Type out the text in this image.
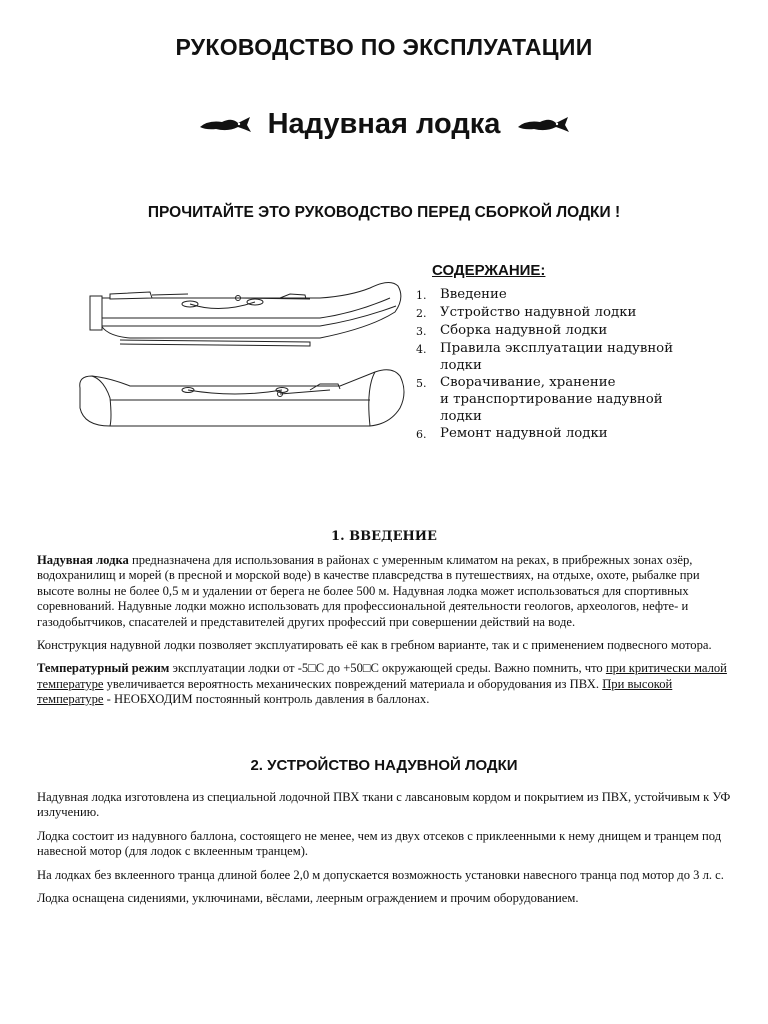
РУКОВОДСТВО ПО ЭКСПЛУАТАЦИИ
Надувная лодка

ПРОЧИТАЙТЕ ЭТО РУКОВОДСТВО ПЕРЕД СБОРКОЙ ЛОДКИ !

СОДЕРЖАНИЕ:
1.	Введение
2.	Устройство надувной лодки
3.	Сборка надувной лодки
4.	Правила эксплуатации надувной
лодки
5.	Сворачивание, хранение
и транспортирование надувной
лодки
6.	Ремонт надувной лодки
1. ВВЕДЕНИЕ

Надувная лодка предназначена для использования в районах с умеренным климатом на реках, в прибрежных зонах озёр, водохранилищ и морей (в пресной и морской воде) в качестве плавсредства в путешествиях, на отдыхе, охоте, рыбалке при высоте волны не более 0,5 м и удалении от берега не более 500 м. Надувная лодка может использоваться для спортивных соревнований. Надувные лодки можно использовать для профессиональной деятельности геологов, археологов, нефте- и газодобытчиков, спасателей и представителей других профессий при совершении действий на воде.

Конструкция надувной лодки позволяет эксплуатировать её как в гребном варианте, так и с применением подвесного мотора.

Температурный режим эксплуатации лодки от -5□С до +50□С окружающей среды. Важно помнить, что при критически малой температуре увеличивается вероятность механических повреждений материала и оборудования из ПВХ. При высокой температуре - НЕОБХОДИМ постоянный контроль давления в баллонах.

2. УСТРОЙСТВО НАДУВНОЙ ЛОДКИ

Надувная лодка изготовлена из специальной лодочной ПВХ ткани с лавсановым кордом и покрытием из ПВХ, устойчивым к УФ излучению.

Лодка состоит из надувного баллона, состоящего не менее, чем из двух отсеков с приклеенными к нему днищем и транцем под навесной мотор (для лодок с вклеенным транцем).

На лодках без вклеенного транца длиной более 2,0 м допускается возможность установки навесного транца под мотор до 3 л. с.

Лодка оснащена сидениями, уключинами, вёслами, леерным ограждением и прочим оборудованием.
